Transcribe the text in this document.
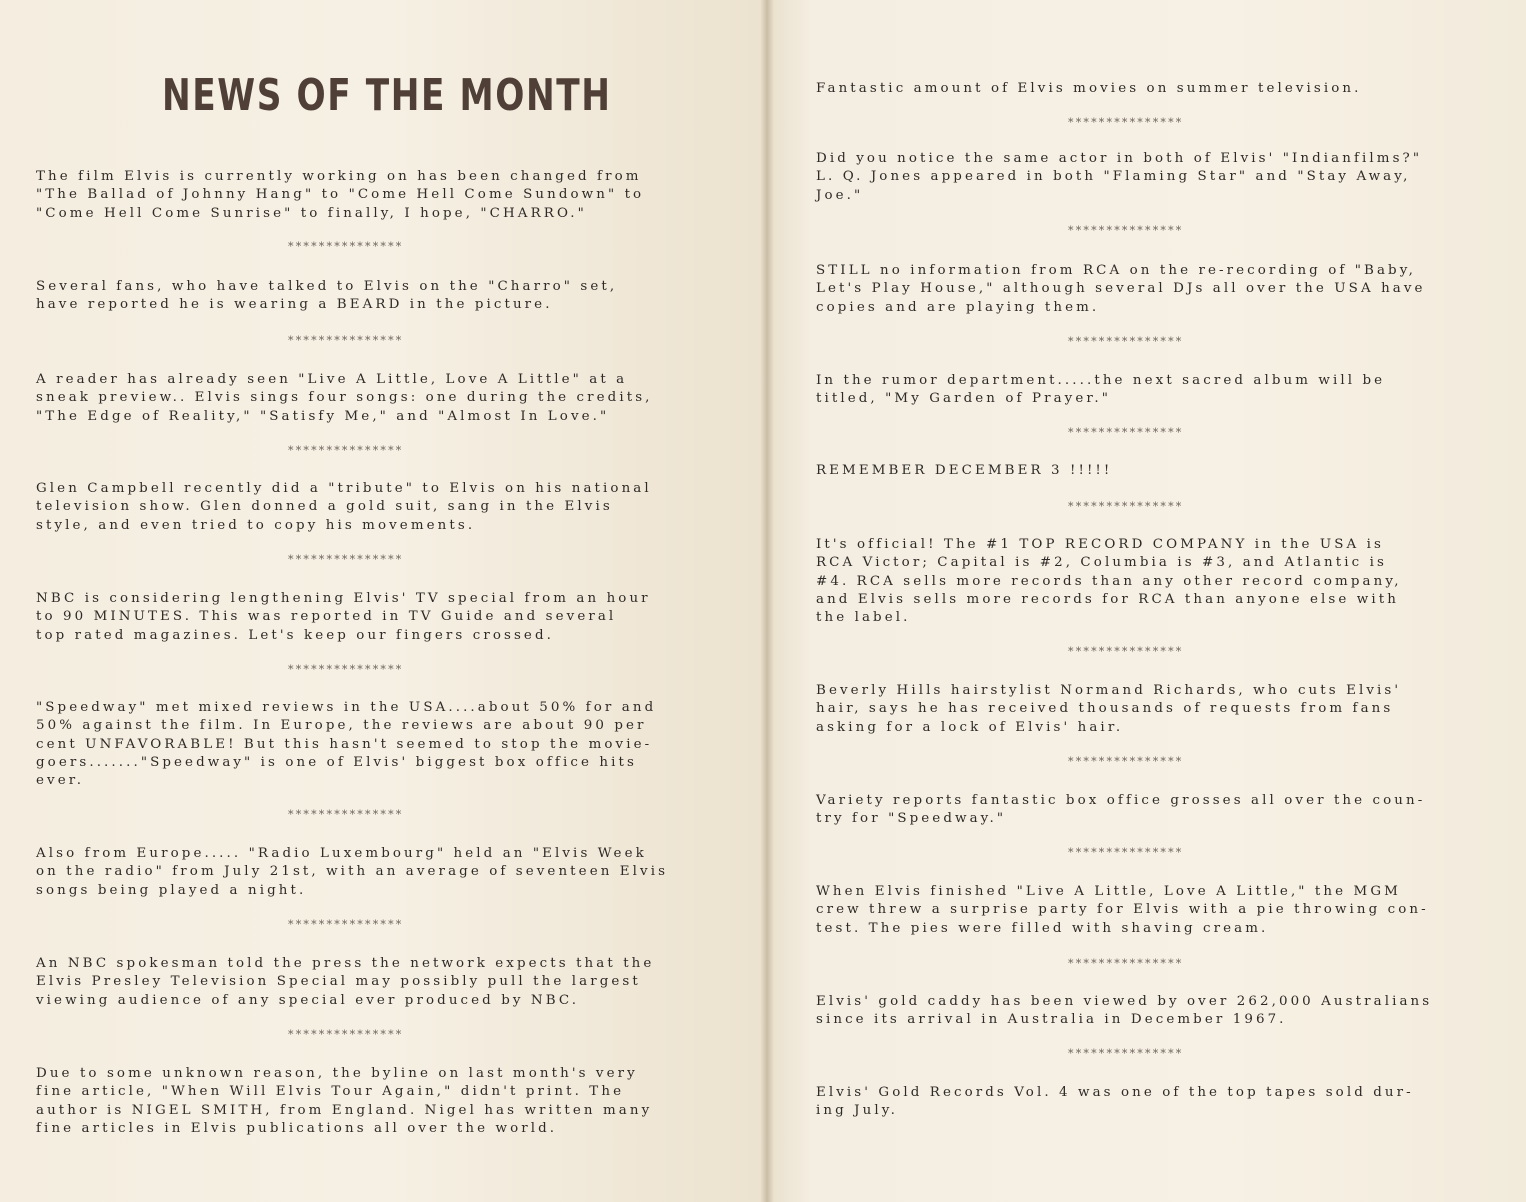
NEWS OF THE MONTH
The film Elvis is currently working on has been changed from
"The Ballad of Johnny Hang" to "Come Hell Come Sundown" to
"Come Hell Come Sunrise" to finally, I hope, "CHARRO."
Several fans, who have talked to Elvis on the "Charro" set,
have reported he is wearing a BEARD in the picture.
A reader has already seen "Live A Little, Love A Little" at a
sneak preview.. Elvis sings four songs: one during the credits,
"The Edge of Reality," "Satisfy Me," and "Almost In Love."
Glen Campbell recently did a "tribute" to Elvis on his national
television show. Glen donned a gold suit, sang in the Elvis
style, and even tried to copy his movements.
NBC is considering lengthening Elvis' TV special from an hour
to 90 MINUTES. This was reported in TV Guide and several
top rated magazines. Let's keep our fingers crossed.
"Speedway" met mixed reviews in the USA....about 50% for and
50% against the film. In Europe, the reviews are about 90 per
cent UNFAVORABLE! But this hasn't seemed to stop the movie-
goers......."Speedway" is one of Elvis' biggest box office hits
ever.
Also from Europe..... "Radio Luxembourg" held an "Elvis Week
on the radio" from July 21st, with an average of seventeen Elvis
songs being played a night.
An NBC spokesman told the press the network expects that the
Elvis Presley Television Special may possibly pull the largest
viewing audience of any special ever produced by NBC.
Due to some unknown reason, the byline on last month's very
fine article, "When Will Elvis Tour Again," didn't print. The
author is NIGEL SMITH, from England. Nigel has written many
fine articles in Elvis publications all over the world.
***************
***************
***************
***************
***************
***************
***************
***************
Fantastic amount of Elvis movies on summer television.
Did you notice the same actor in both of Elvis' "Indianfilms?"
L. Q. Jones appeared in both "Flaming Star" and "Stay Away,
Joe."
STILL no information from RCA on the re-recording of "Baby,
Let's Play House," although several DJs all over the USA have
copies and are playing them.
In the rumor department.....the next sacred album will be
titled, "My Garden of Prayer."
REMEMBER DECEMBER 3 !!!!!
It's official! The #1 TOP RECORD COMPANY in the USA is
RCA Victor; Capital is #2, Columbia is #3, and Atlantic is
#4. RCA sells more records than any other record company,
and Elvis sells more records for RCA than anyone else with
the label.
Beverly Hills hairstylist Normand Richards, who cuts Elvis'
hair, says he has received thousands of requests from fans
asking for a lock of Elvis' hair.
Variety reports fantastic box office grosses all over the coun-
try for "Speedway."
When Elvis finished "Live A Little, Love A Little," the MGM
crew threw a surprise party for Elvis with a pie throwing con-
test. The pies were filled with shaving cream.
Elvis' gold caddy has been viewed by over 262,000 Australians
since its arrival in Australia in December 1967.
Elvis' Gold Records Vol. 4 was one of the top tapes sold dur-
ing July.
***************
***************
***************
***************
***************
***************
***************
***************
***************
***************
